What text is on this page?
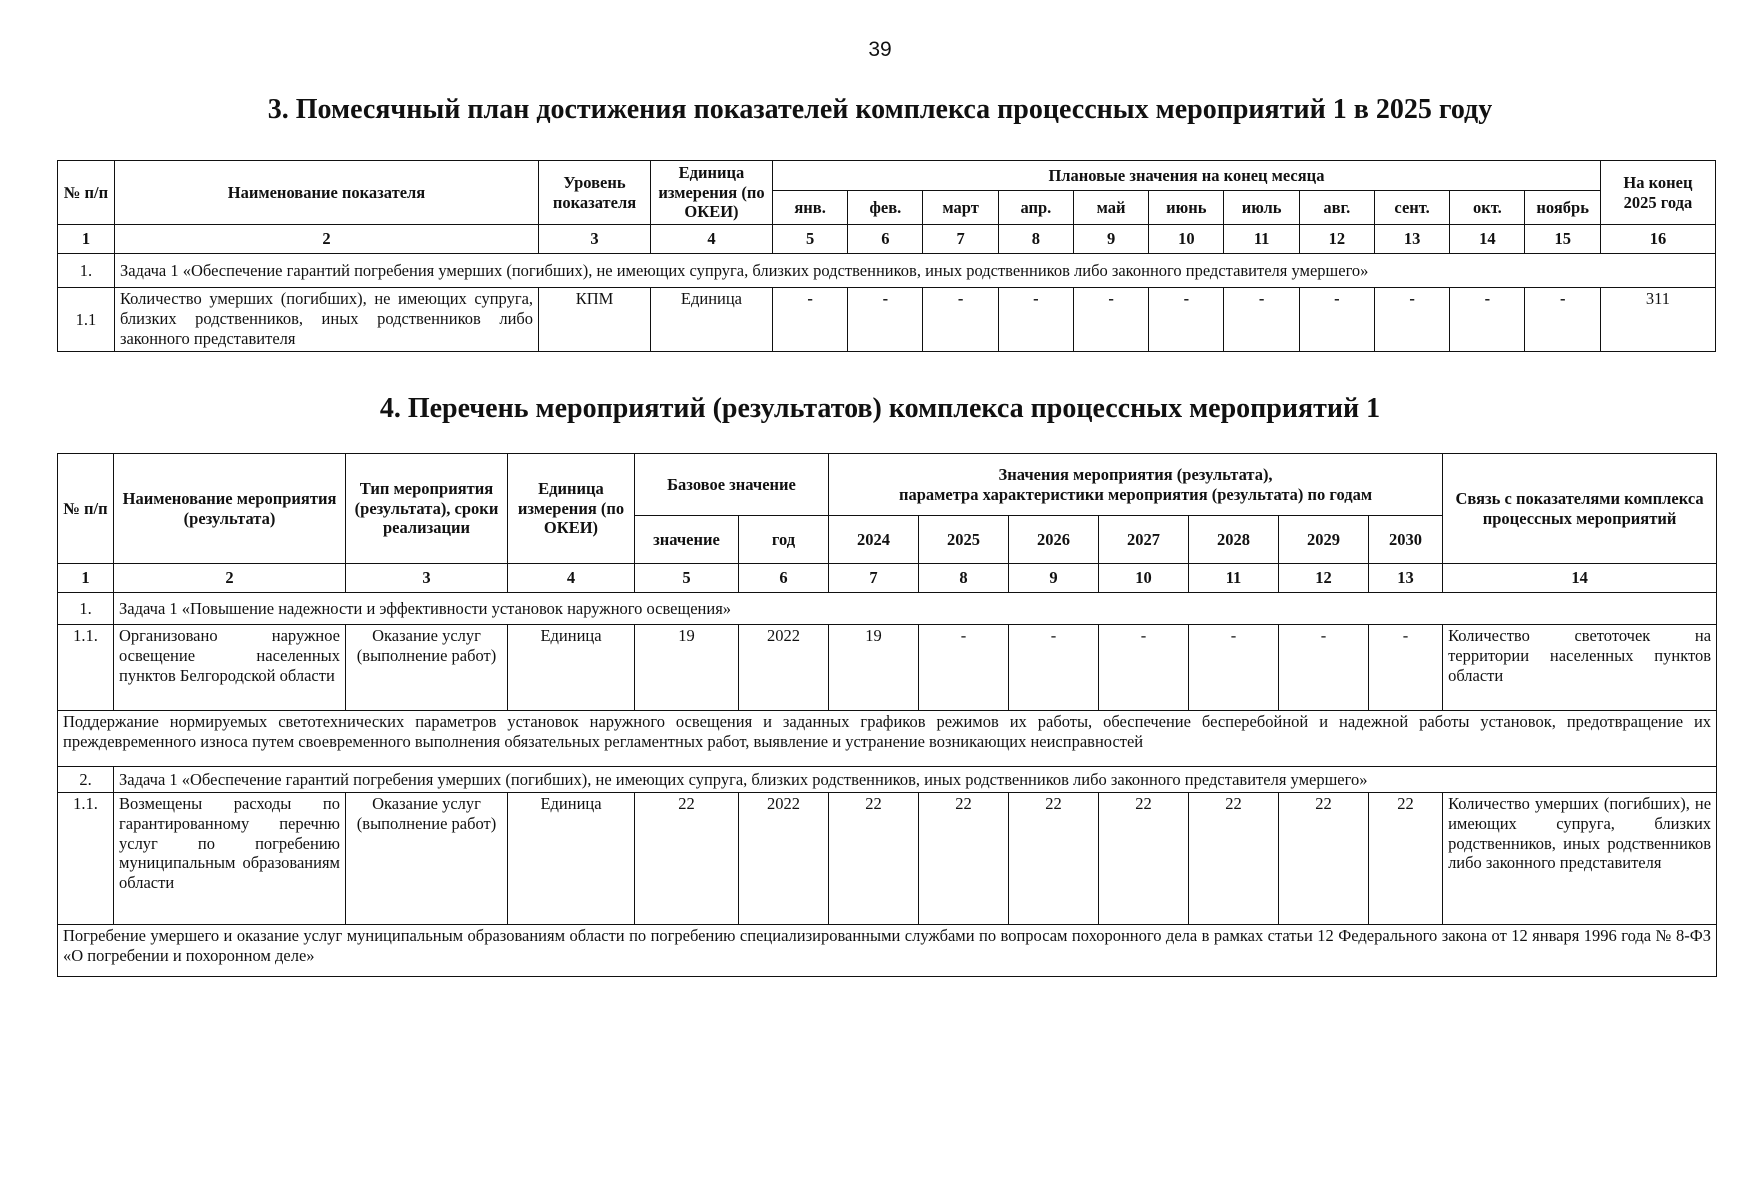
39
3. Помесячный план достижения показателей комплекса процессных мероприятий 1 в 2025 году
№ п/п	Наименование показателя	Уровень показателя	Единица измерения (по ОКЕИ)	Плановые значения на конец месяца											На конец 2025 года
				янв.	фев.	март	апр.	май	июнь	июль	авг.	сент.	окт.	ноябрь	
1	2	3	4	5	6	7	8	9	10	11	12	13	14	15	16
1.	Задача 1 «Обеспечение гарантий погребения умерших (погибших), не имеющих супруга, близких родственников, иных родственников либо законного представителя умершего»														
1.1	Количество умерших (погибших), не имеющих супруга, близких родственников, иных родственников либо законного представителя	КПМ	Единица	-	-	-	-	-	-	-	-	-	-	-	311
4. Перечень мероприятий (результатов) комплекса процессных мероприятий 1
№ п/п	Наименование мероприятия (результата)	Тип мероприятия (результата), сроки реализации	Единица измерения (по ОКЕИ)	Базовое значение		Значения мероприятия (результата),
параметра характеристики мероприятия (результата) по годам							Связь с показателями комплекса процессных мероприятий
				значение	год	2024	2025	2026	2027	2028	2029	2030	
1	2	3	4	5	6	7	8	9	10	11	12	13	14
1.	Задача 1 «Повышение надежности и эффективности установок наружного освещения»												
1.1.	Организовано наружное освещение населенных пунктов Белгородской области	Оказание услуг (выполнение работ)	Единица	19	2022	19	-	-	-	-	-	-	Количество светоточек на территории населенных пунктов области
Поддержание нормируемых светотехнических параметров установок наружного освещения и заданных графиков режимов их работы, обеспечение бесперебойной и надежной работы установок, предотвращение их преждевременного износа путем своевременного выполнения обязательных регламентных работ, выявление и устранение возникающих неисправностей													
2.	Задача 1 «Обеспечение гарантий погребения умерших (погибших), не имеющих супруга, близких родственников, иных родственников либо законного представителя умершего»												
1.1.	Возмещены расходы по гарантированному перечню услуг по погребению муниципальным образованиям области	Оказание услуг (выполнение работ)	Единица	22	2022	22	22	22	22	22	22	22	Количество умерших (погибших), не имеющих супруга, близких родственников, иных родственников либо законного представителя
Погребение умершего и оказание услуг муниципальным образованиям области по погребению специализированными службами по вопросам похоронного дела в рамках статьи 12 Федерального закона от 12 января 1996 года № 8-ФЗ «О погребении и похоронном деле»													
